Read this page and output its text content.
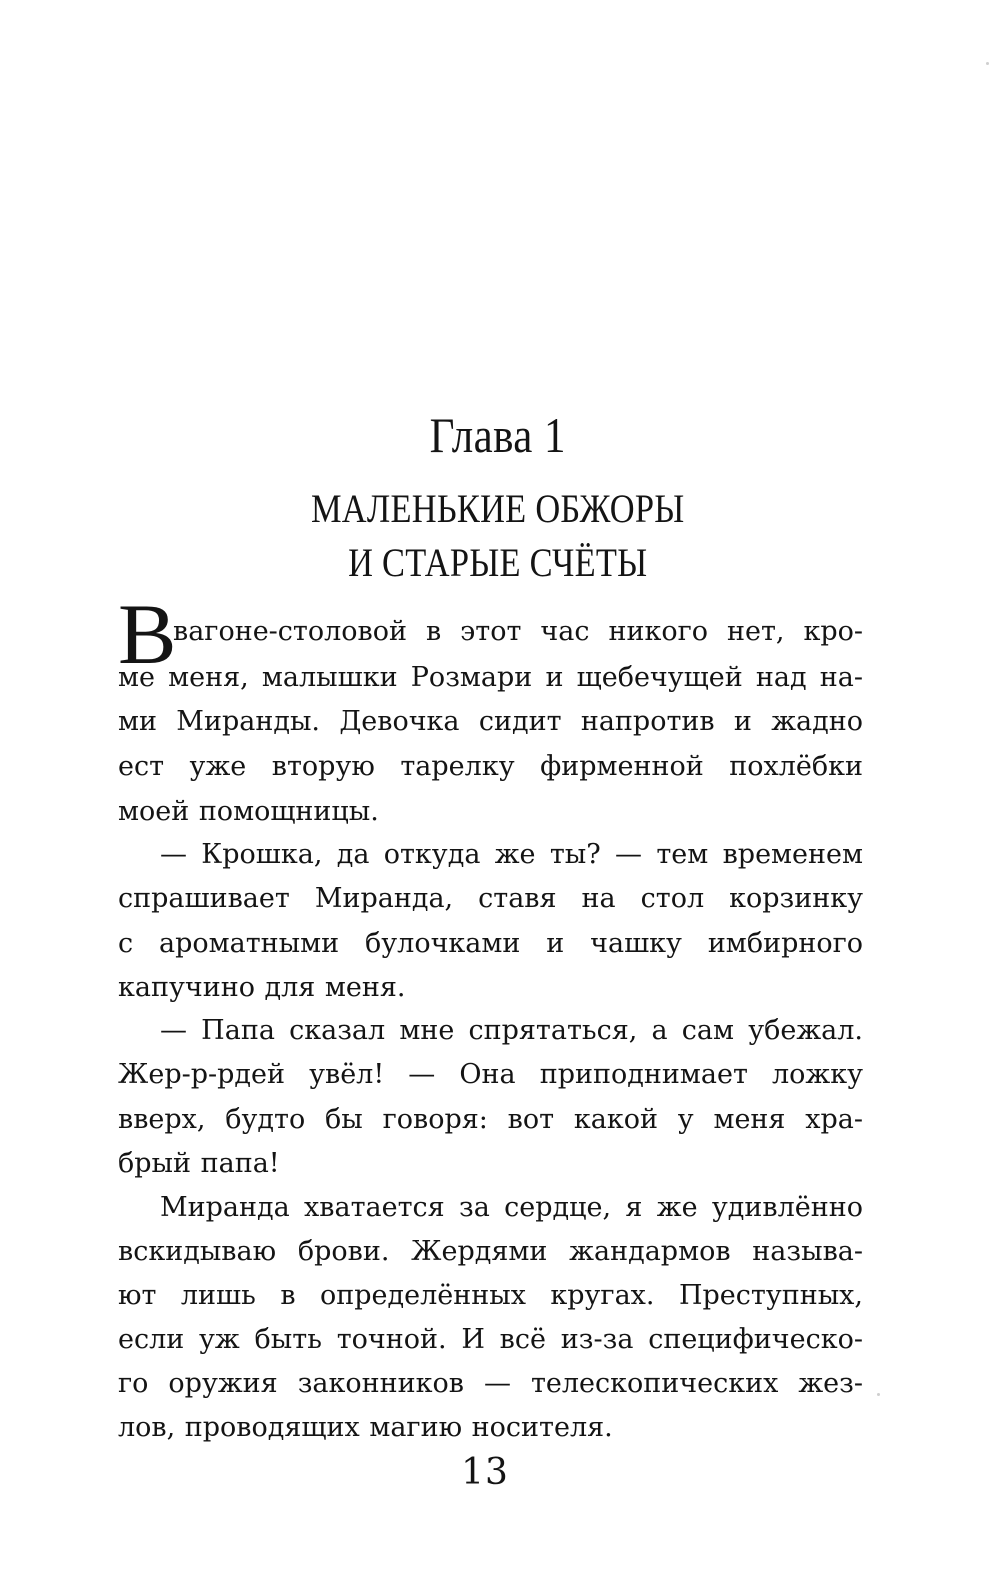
Глава 1
МАЛЕНЬКИЕ ОБЖОРЫ
И СТАРЫЕ СЧЁТЫ
В
вагоне-столовой в этот час никого нет, кро-
ме меня, малышки Розмари и щебечущей над на-
ми Миранды. Девочка сидит напротив и жадно
ест уже вторую тарелку фирменной похлёбки
моей помощницы.
— Крошка, да откуда же ты? — тем временем
спрашивает Миранда, ставя на стол корзинку
с ароматными булочками и чашку имбирного
капучино для меня.
— Папа сказал мне спрятаться, а сам убежал.
Жер-р-рдей увёл! — Она приподнимает ложку
вверх, будто бы говоря: вот какой у меня хра-
брый папа!
Миранда хватается за сердце, я же удивлённо
вскидываю брови. Жердями жандармов называ-
ют лишь в определённых кругах. Преступных,
если уж быть точной. И всё из-за специфическо-
го оружия законников — телескопических жез-
лов, проводящих магию носителя.
13
